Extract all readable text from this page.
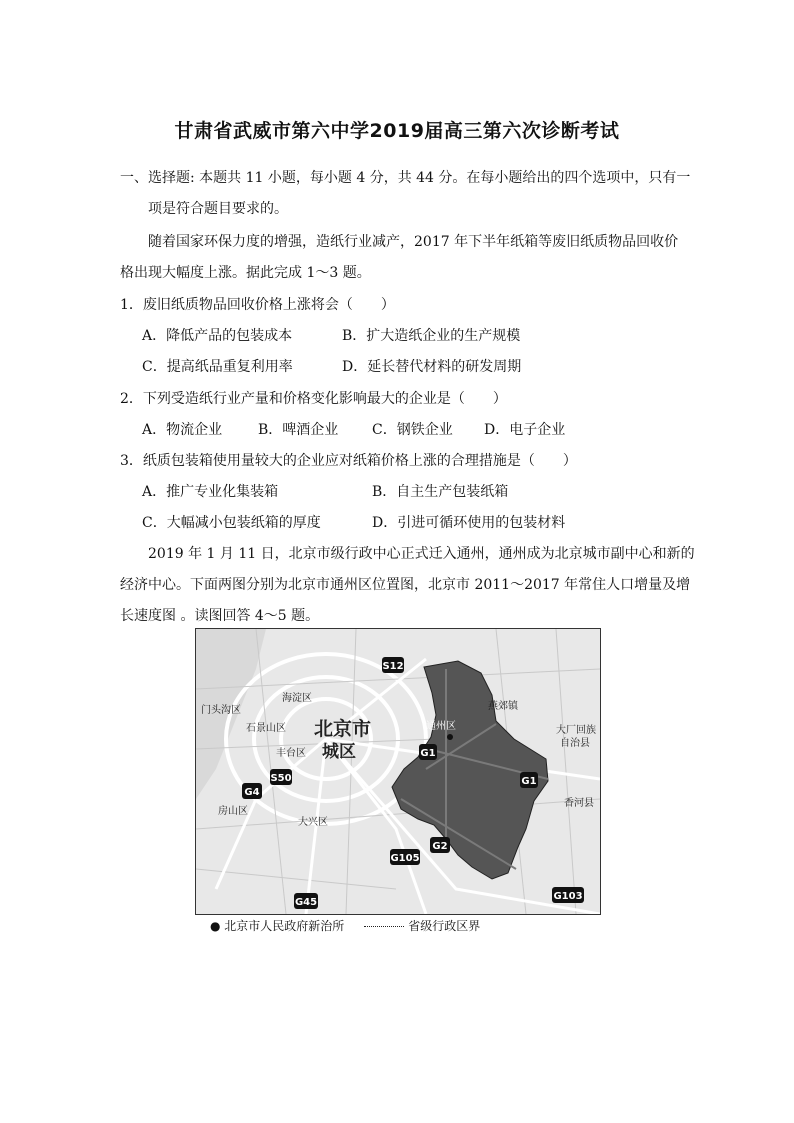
甘肃省武威市第六中学2019届高三第六次诊断考试
一、选择题: 本题共 11 小题，每小题 4 分，共 44 分。在每小题给出的四个选项中，只有一
项是符合题目要求的。
随着国家环保力度的增强，造纸行业减产，2017 年下半年纸箱等废旧纸质物品回收价
格出现大幅度上涨。据此完成 1～3 题。
1．废旧纸质物品回收价格上涨将会（　　）
A．降低产品的包装成本	B．扩大造纸企业的生产规模
C．提高纸品重复利用率	D．延长替代材料的研发周期
2．下列受造纸行业产量和价格变化影响最大的企业是（　　）
A．物流企业	B．啤酒企业 C．钢铁企业 D．电子企业
3．纸质包装箱使用量较大的企业应对纸箱价格上涨的合理措施是（　　）
A．推广专业化集装箱	B．自主生产包装纸箱
C．大幅减小包装纸箱的厚度	D．引进可循环使用的包装材料
2019 年 1 月 11 日，北京市级行政中心正式迁入通州，通州成为北京城市副中心和新的
经济中心。下面两图分别为北京市通州区位置图，北京市 2011～2017 年常住人口增量及增
长速度图 。读图回答 4～5 题。
门头沟区
海淀区
石景山区 北京市
城区
丰台区
房山区
大兴区
通州区
燕郊镇
大厂回族
自治县
香河县
S12
G1
G1
S50
G4
G105
G2
G45
G103
● 北京市人民政府新治所	省级行政区界
